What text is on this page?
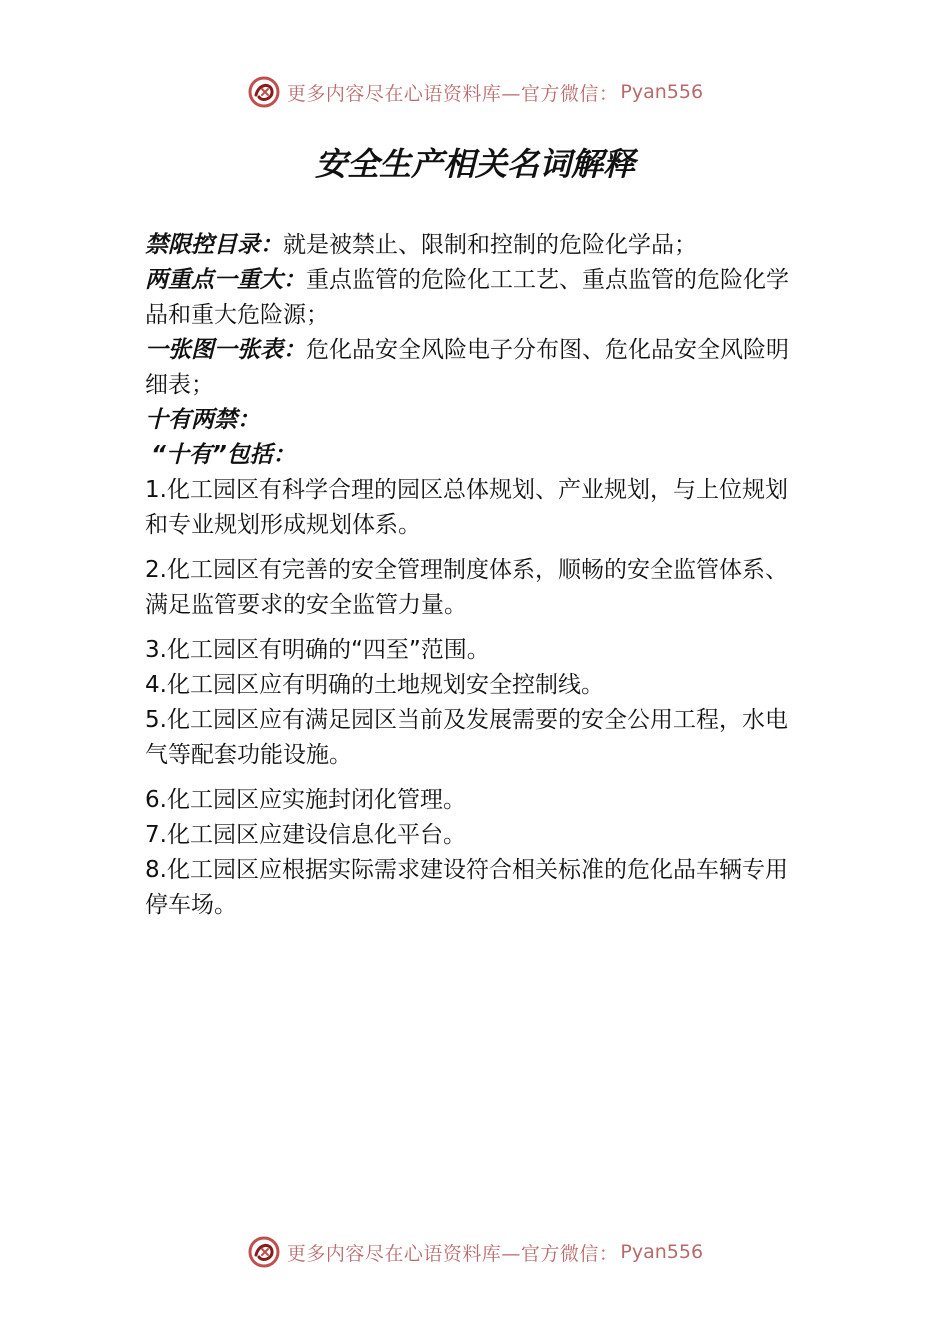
更多内容尽在心语资料库—官方微信： Pyan556
安全生产相关名词解释

禁限控目录：就是被禁止、限制和控制的危险化学品；

两重点一重大：重点监管的危险化工工艺、重点监管的危险化学品和重大危险源；

一张图一张表：危化品安全风险电子分布图、危化品安全风险明细表；

十有两禁：

“十有”包括：

1.化工园区有科学合理的园区总体规划、产业规划，与上位规划和专业规划形成规划体系。

2.化工园区有完善的安全管理制度体系，顺畅的安全监管体系、满足监管要求的安全监管力量。

3.化工园区有明确的“四至”范围。

4.化工园区应有明确的土地规划安全控制线。

5.化工园区应有满足园区当前及发展需要的安全公用工程，水电气等配套功能设施。

6.化工园区应实施封闭化管理。

7.化工园区应建设信息化平台。

8.化工园区应根据实际需求建设符合相关标准的危化品车辆专用停车场。

更多内容尽在心语资料库—官方微信： Pyan556
